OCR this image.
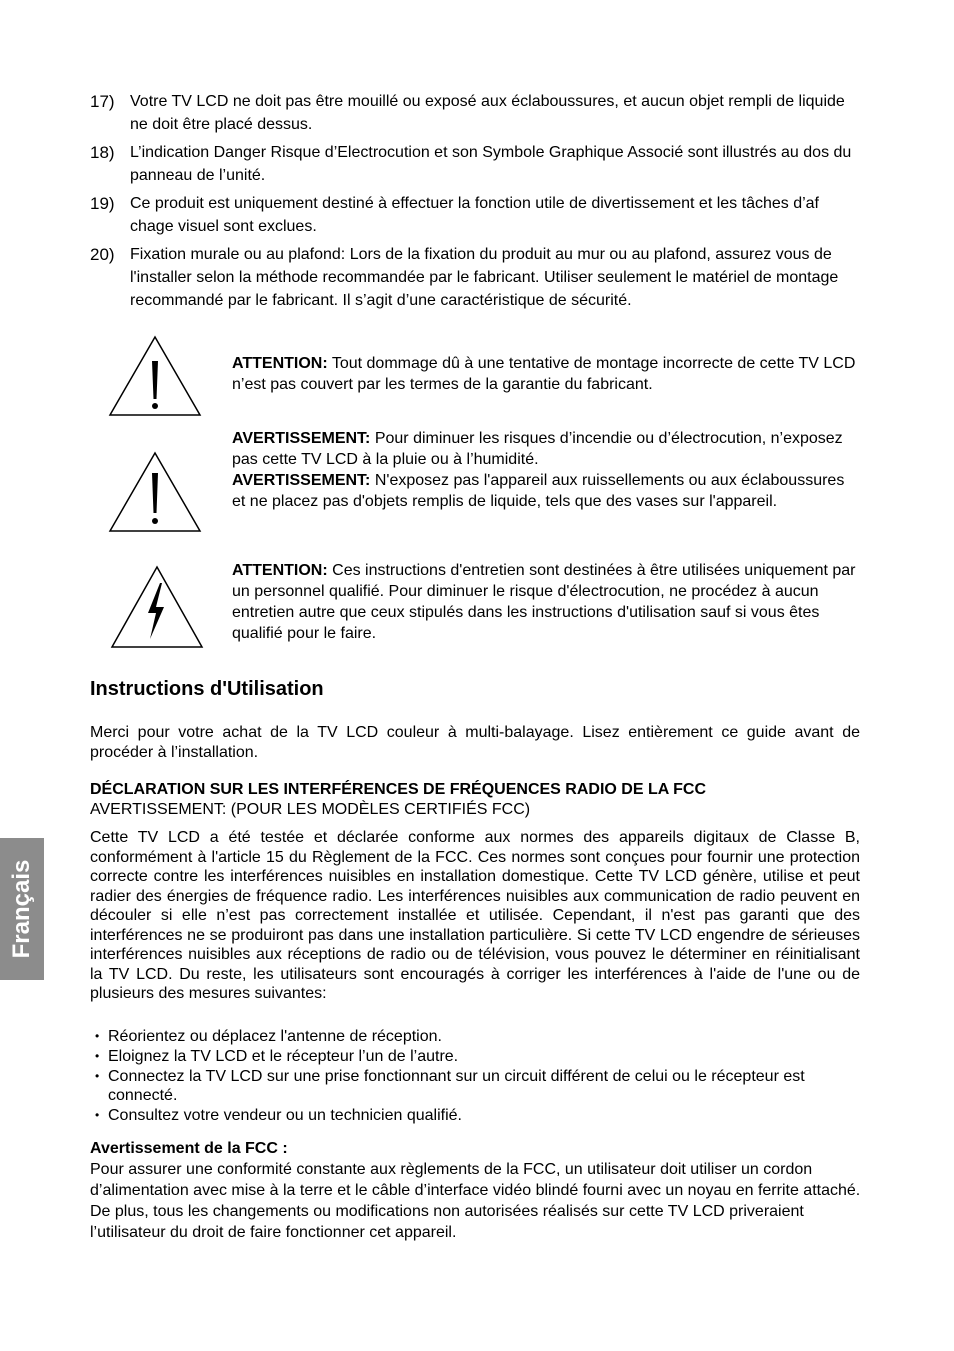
17) Votre TV LCD ne doit pas être mouillé ou exposé aux éclaboussures, et aucun objet rempli de liquide ne doit être placé dessus.
18) L’indication Danger Risque d’Electrocution et son Symbole Graphique Associé sont illustrés au dos du panneau de l’unité.
19) Ce produit est uniquement destiné à effectuer la fonction utile de divertissement et les tâches d’af chage visuel sont exclues.
20) Fixation murale ou au plafond: Lors de la fixation du produit au mur ou au plafond, assurez vous de l'installer selon la méthode recommandée par le fabricant. Utiliser seulement le matériel de montage recommandé par le fabricant. Il s’agit d’une caractéristique de sécurité.
ATTENTION: Tout dommage dû à une tentative de montage incorrecte de cette TV LCD n’est pas couvert par les termes de la garantie du fabricant.
AVERTISSEMENT: Pour diminuer les risques d’incendie ou d’électrocution, n’exposez pas cette TV LCD à la pluie ou à l’humidité.
AVERTISSEMENT: N'exposez pas l'appareil aux ruissellements ou aux éclaboussures et ne placez pas d'objets remplis de liquide, tels que des vases sur l'appareil.
ATTENTION: Ces instructions d'entretien sont destinées à être utilisées uniquement par un personnel qualifié. Pour diminuer le risque d'électrocution, ne procédez à aucun entretien autre que ceux stipulés dans les instructions d'utilisation sauf si vous êtes qualifié pour le faire.
Instructions d'Utilisation
Merci pour votre achat de la TV LCD couleur à multi-balayage. Lisez entièrement ce guide avant de procéder à l’installation.
DÉCLARATION SUR LES INTERFÉRENCES DE FRÉQUENCES RADIO DE LA FCC
AVERTISSEMENT: (POUR LES MODÈLES CERTIFIÉS FCC)
Cette TV LCD a été testée et déclarée conforme aux normes des appareils digitaux de Classe B, conformément à l'article 15 du Règlement de la FCC. Ces normes sont conçues pour fournir une protection correcte contre les interférences nuisibles en installation domestique. Cette TV LCD génère, utilise et peut radier des énergies de fréquence radio. Les interférences nuisibles aux communication de radio peuvent en découler si elle n’est pas correctement installée et utilisée. Cependant, il n'est pas garanti que des interférences ne se produiront pas dans une installation particulière. Si cette TV LCD engendre de sérieuses interférences nuisibles aux réceptions de radio ou de télévision, vous pouvez le déterminer en réinitialisant la TV LCD. Du reste, les utilisateurs sont encouragés à corriger les interférences à l'aide de l'une ou de plusieurs des mesures suivantes:
• Réorientez ou déplacez l'antenne de réception.
• Eloignez la TV LCD et le récepteur l’un de l’autre.
• Connectez la TV LCD sur une prise fonctionnant sur un circuit différent de celui ou le récepteur est connecté.
• Consultez votre vendeur ou un technicien qualifié.
Avertissement de la FCC :
Pour assurer une conformité constante aux règlements de la FCC, un utilisateur doit utiliser un cordon d’alimentation avec mise à la terre et le câble d’interface vidéo blindé fourni avec un noyau en ferrite attaché. De plus, tous les changements ou modifications non autorisées réalisés sur cette TV LCD priveraient l’utilisateur du droit de faire fonctionner cet appareil.
Français
